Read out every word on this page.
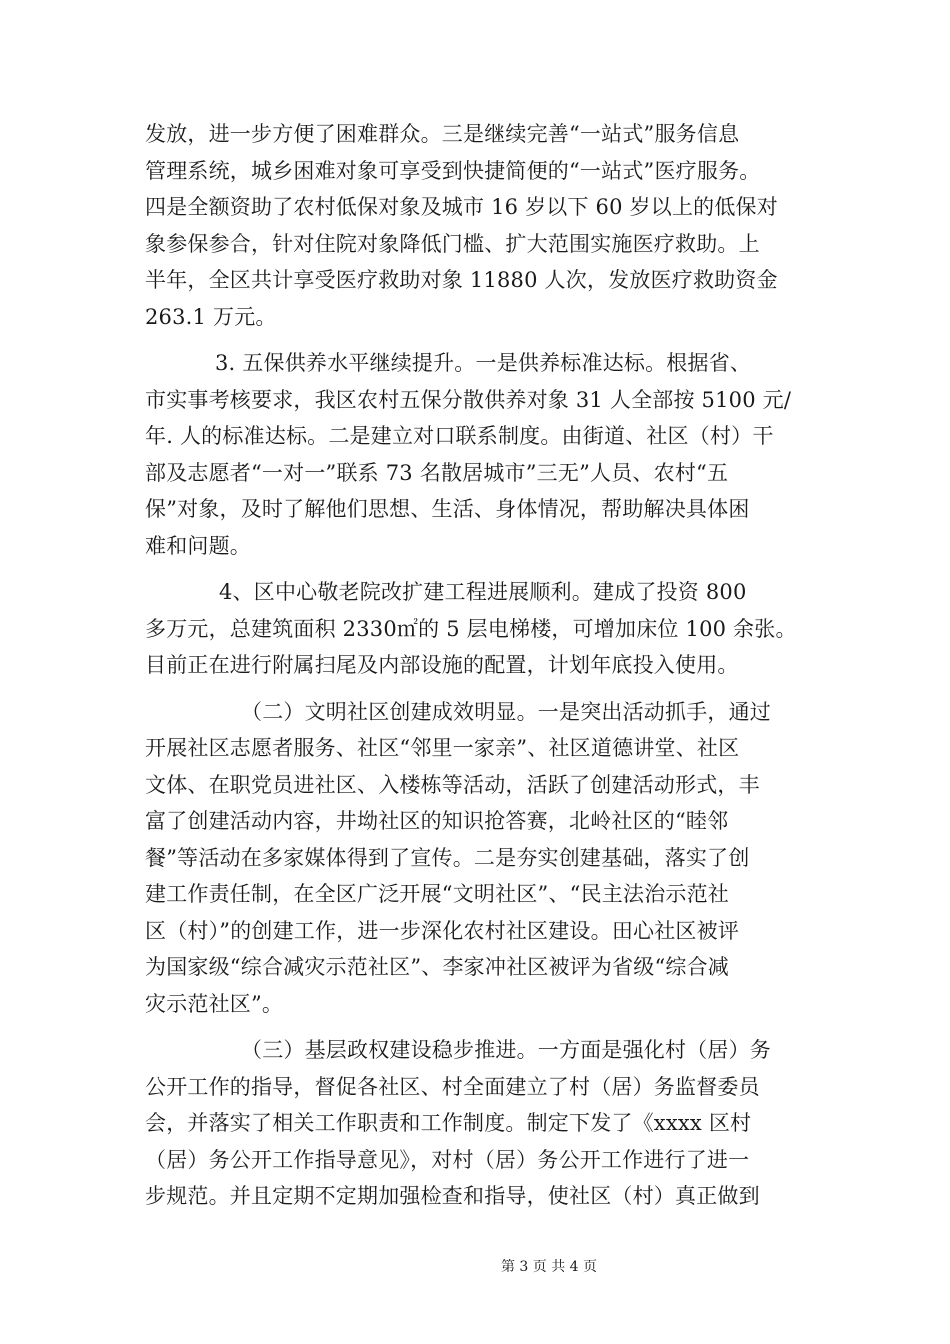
发放，进一步方便了困难群众。三是继续完善“一站式”服务信息
管理系统，城乡困难对象可享受到快捷简便的“一站式”医疗服务。
四是全额资助了农村低保对象及城市 16 岁以下 60 岁以上的低保对
象参保参合，针对住院对象降低门槛、扩大范围实施医疗救助。上
半年，全区共计享受医疗救助对象 11880 人次，发放医疗救助资金
263.1 万元。

3. 五保供养水平继续提升。一是供养标准达标。根据省、
市实事考核要求，我区农村五保分散供养对象 31 人全部按 5100 元/
年. 人的标准达标。二是建立对口联系制度。由街道、社区（村）干
部及志愿者“一对一”联系 73 名散居城市”三无”人员、农村“五
保”对象，及时了解他们思想、生活、身体情况，帮助解决具体困
难和问题。

4、区中心敬老院改扩建工程进展顺利。建成了投资 800
多万元，总建筑面积 2330㎡的 5 层电梯楼，可增加床位 100 余张。
目前正在进行附属扫尾及内部设施的配置，计划年底投入使用。

（二）文明社区创建成效明显。一是突出活动抓手，通过
开展社区志愿者服务、社区“邻里一家亲”、社区道德讲堂、社区
文体、在职党员进社区、入楼栋等活动，活跃了创建活动形式，丰
富了创建活动内容，井坳社区的知识抢答赛，北岭社区的“睦邻
餐”等活动在多家媒体得到了宣传。二是夯实创建基础，落实了创
建工作责任制，在全区广泛开展“文明社区”、“民主法治示范社
区（村）”的创建工作，进一步深化农村社区建设。田心社区被评
为国家级“综合减灾示范社区”、李家冲社区被评为省级“综合减
灾示范社区”。

（三）基层政权建设稳步推进。一方面是强化村（居）务
公开工作的指导，督促各社区、村全面建立了村（居）务监督委员
会，并落实了相关工作职责和工作制度。制定下发了《xxxx 区村
（居）务公开工作指导意见》，对村（居）务公开工作进行了进一
步规范。并且定期不定期加强检查和指导，使社区（村）真正做到

第 3 页 共 4 页
